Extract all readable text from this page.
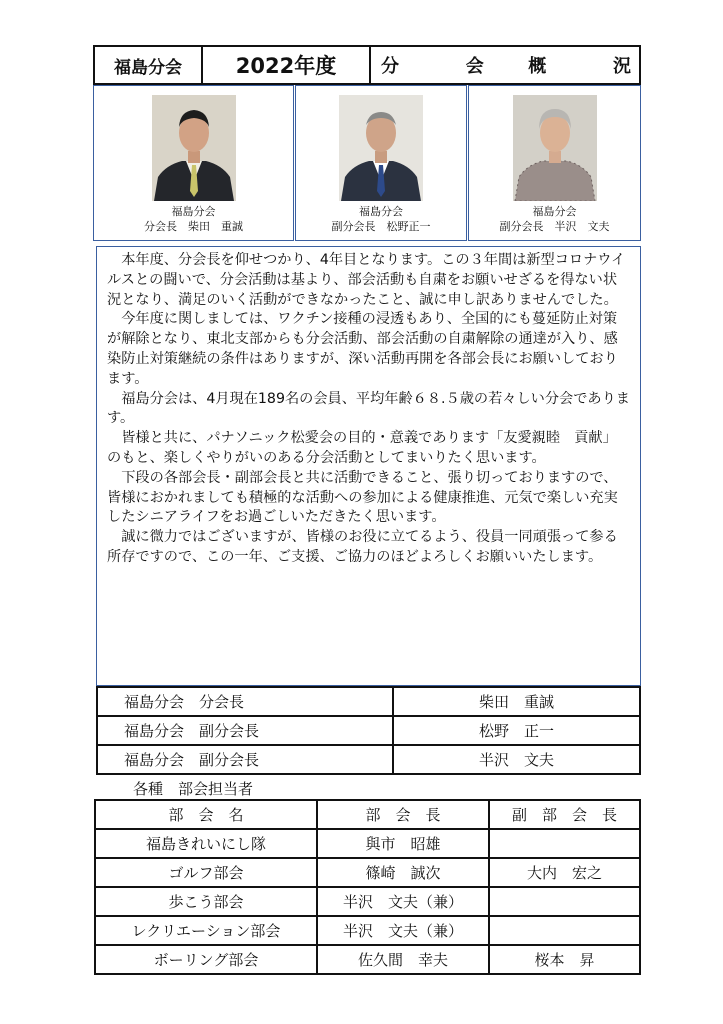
福島分会	2022年度	分	会	概	況
福島分会
分会長　柴田　重誠
福島分会
副分会長　松野正一
福島分会
副分会長　半沢　文夫

本年度、分会長を仰せつかり、4年目となります。この３年間は新型コロナウイルスとの闘いで、分会活動は基より、部会活動も自粛をお願いせざるを得ない状況となり、満足のいく活動ができなかったこと、誠に申し訳ありませんでした。

今年度に関しましては、ワクチン接種の浸透もあり、全国的にも蔓延防止対策が解除となり、東北支部からも分会活動、部会活動の自粛解除の通達が入り、感染防止対策継続の条件はありますが、深い活動再開を各部会長にお願いしております。

福島分会は、4月現在189名の会員、平均年齢６８.５歳の若々しい分会であります。

皆様と共に、パナソニック松愛会の目的・意義であります「友愛親睦　貢献」のもと、楽しくやりがいのある分会活動としてまいりたく思います。

下段の各部会長・副部会長と共に活動できること、張り切っておりますので、皆様におかれましても積極的な活動への参加による健康推進、元気で楽しい充実したシニアライフをお過ごしいただきたく思います。

誠に微力ではございますが、皆様のお役に立てるよう、役員一同頑張って参る所存ですので、この一年、ご支援、ご協力のほどよろしくお願いいたします。

福島分会　分会長	柴田　重誠
福島分会　副分会長	松野　正一
福島分会　副分会長	半沢　文夫
各種　部会担当者
部　会　名	部　会　長	副　部　会　長
福島きれいにし隊	與市　昭雄	
ゴルフ部会	篠崎　誠次	大内　宏之
歩こう部会	半沢　文夫（兼）	
レクリエーション部会	半沢　文夫（兼）	
ボーリング部会	佐久間　幸夫	桜本　昇
